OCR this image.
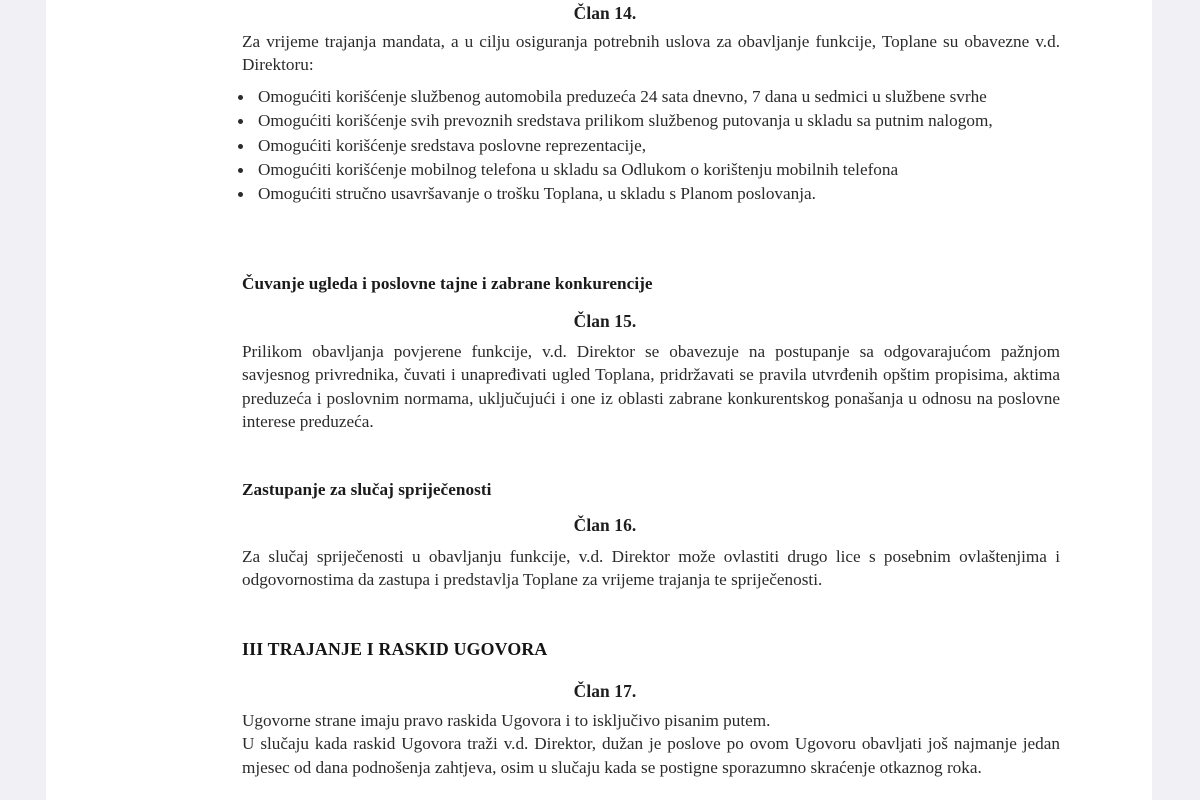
Član 14.

Za vrijeme trajanja mandata, a u cilju osiguranja potrebnih uslova za obavljanje funkcije, Toplane su obavezne v.d. Direktoru:

Omogućiti korišćenje službenog automobila preduzeća 24 sata dnevno, 7 dana u sedmici u službene svrhe
Omogućiti korišćenje svih prevoznih sredstava prilikom službenog putovanja u skladu sa putnim nalogom,
Omogućiti korišćenje sredstava poslovne reprezentacije,
Omogućiti korišćenje mobilnog telefona u skladu sa Odlukom o korištenju mobilnih telefona
Omogućiti stručno usavršavanje o trošku Toplana, u skladu s Planom poslovanja.
Čuvanje ugleda i poslovne tajne i zabrane konkurencije
Član 15.

Prilikom obavljanja povjerene funkcije, v.d. Direktor se obavezuje na postupanje sa odgovarajućom pažnjom savjesnog privrednika, čuvati i unapređivati ugled Toplana, pridržavati se pravila utvrđenih opštim propisima, aktima preduzeća i poslovnim normama, uključujući i one iz oblasti zabrane konkurentskog ponašanja u odnosu na poslovne interese preduzeća.

Zastupanje za slučaj spriječenosti
Član 16.

Za slučaj spriječenosti u obavljanju funkcije, v.d. Direktor može ovlastiti drugo lice s posebnim ovlaštenjima i odgovornostima da zastupa i predstavlja Toplane za vrijeme trajanja te spriječenosti.

III TRAJANJE I RASKID UGOVORA
Član 17.

Ugovorne strane imaju pravo raskida Ugovora i to isključivo pisanim putem.

U slučaju kada raskid Ugovora traži v.d. Direktor, dužan je poslove po ovom Ugovoru obavljati još najmanje jedan mjesec od dana podnošenja zahtjeva, osim u slučaju kada se postigne sporazumno skraćenje otkaznog roka.
